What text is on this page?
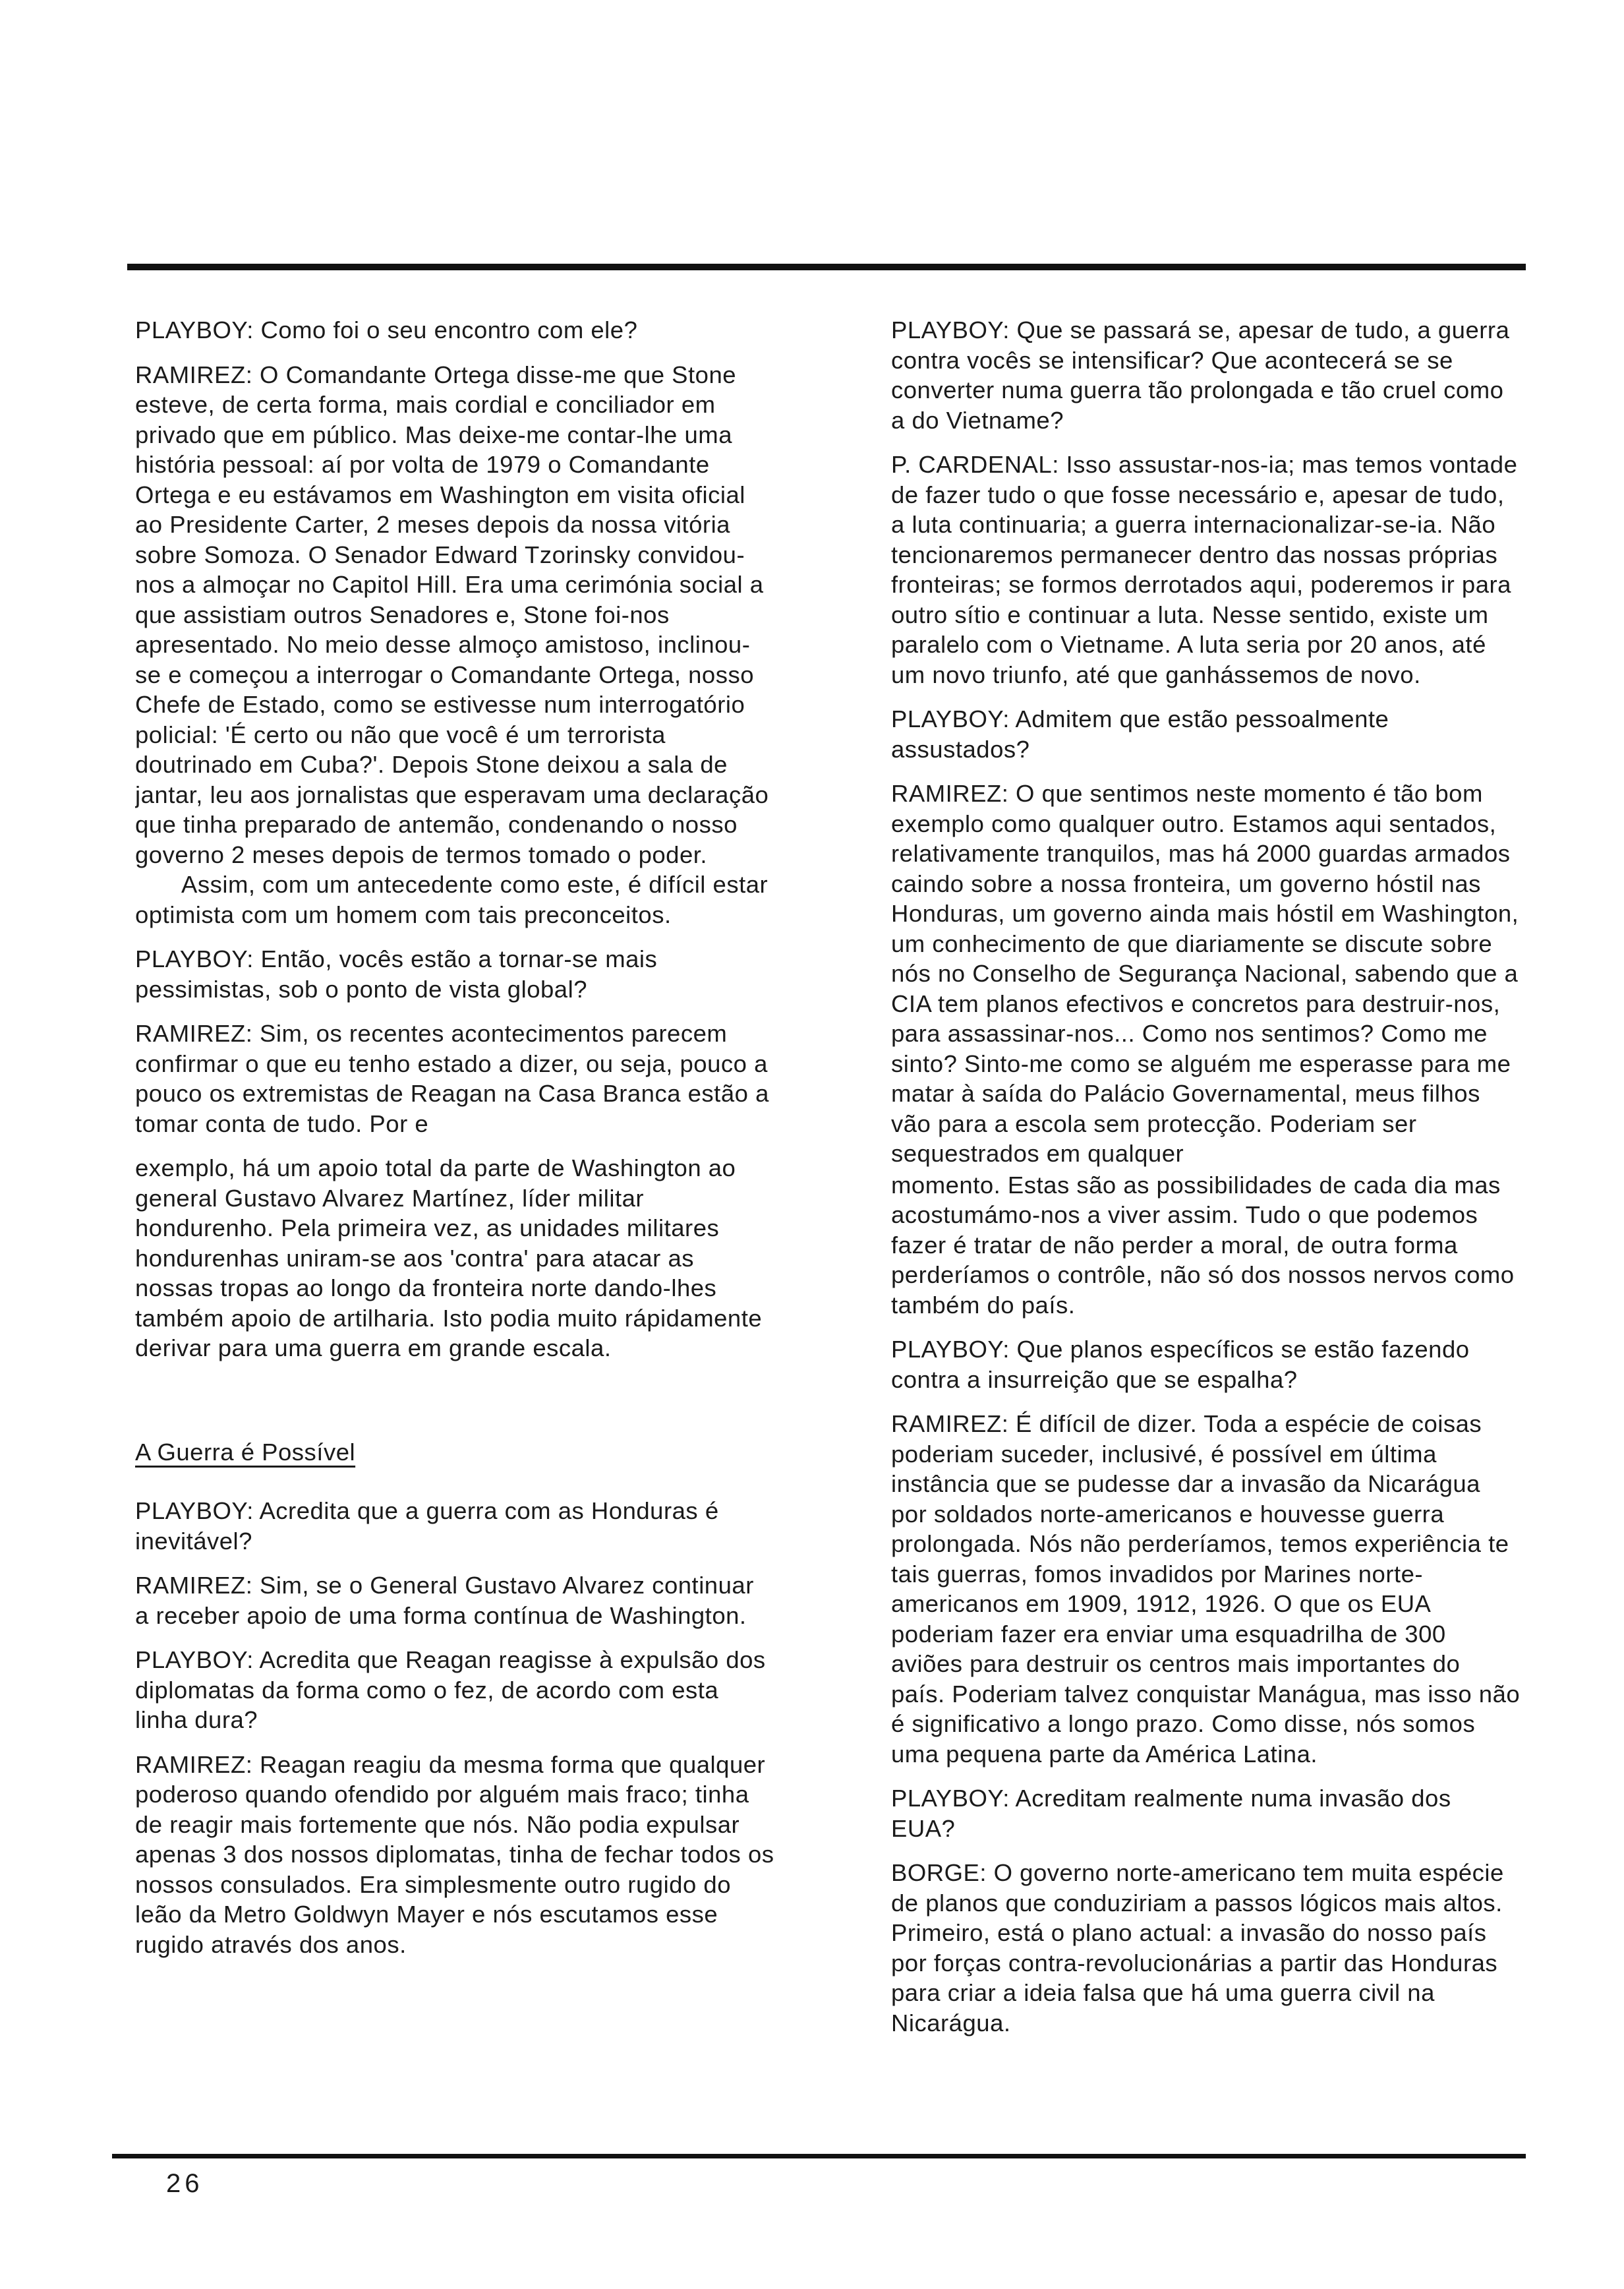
PLAYBOY: Como foi o seu encontro com ele?

RAMIREZ: O Comandante Ortega disse-me que Stone esteve, de certa forma, mais cordial e conciliador em privado que em público. Mas deixe-me contar-lhe uma história pessoal: aí por volta de 1979 o Comandante Ortega e eu estávamos em Washington em visita oficial ao Presidente Carter, 2 meses depois da nossa vitória sobre Somoza. O Senador Edward Tzorinsky convidou-nos a almoçar no Capitol Hill. Era uma cerimónia social a que assistiam outros Senadores e, Stone foi-nos apresentado. No meio desse almoço amistoso, inclinou-se e começou a interrogar o Comandante Ortega, nosso Chefe de Estado, como se estivesse num interrogatório policial: 'É certo ou não que você é um terrorista doutrinado em Cuba?'. Depois Stone deixou a sala de jantar, leu aos jornalistas que esperavam uma declaração que tinha preparado de antemão, condenando o nosso governo 2 meses depois de termos tomado o poder.

Assim, com um antecedente como este, é difícil estar optimista com um homem com tais preconceitos.

PLAYBOY: Então, vocês estão a tornar-se mais pessimistas, sob o ponto de vista global?

RAMIREZ: Sim, os recentes acontecimentos parecem confirmar o que eu tenho estado a dizer, ou seja, pouco a pouco os extremistas de Reagan na Casa Branca estão a tomar conta de tudo. Por e

exemplo, há um apoio total da parte de Washington ao general Gustavo Alvarez Martínez, líder militar hondurenho. Pela primeira vez, as unidades militares hondurenhas uniram-se aos 'contra' para atacar as nossas tropas ao longo da fronteira norte dando-lhes também apoio de artilharia. Isto podia muito rápidamente derivar para uma guerra em grande escala.

A Guerra é Possível

PLAYBOY: Acredita que a guerra com as Honduras é inevitável?

RAMIREZ: Sim, se o General Gustavo Alvarez continuar a receber apoio de uma forma contínua de Washington.

PLAYBOY: Acredita que Reagan reagisse à expulsão dos diplomatas da forma como o fez, de acordo com esta linha dura?

RAMIREZ: Reagan reagiu da mesma forma que qualquer poderoso quando ofendido por alguém mais fraco; tinha de reagir mais fortemente que nós. Não podia expulsar apenas 3 dos nossos diplomatas, tinha de fechar todos os nossos consulados. Era simplesmente outro rugido do leão da Metro Goldwyn Mayer e nós escutamos esse rugido através dos anos.

PLAYBOY: Que se passará se, apesar de tudo, a guerra contra vocês se intensificar? Que acontecerá se se converter numa guerra tão prolongada e tão cruel como a do Vietname?

P. CARDENAL: Isso assustar-nos-ia; mas temos vontade de fazer tudo o que fosse necessário e, apesar de tudo, a luta continuaria; a guerra internacionalizar-se-ia. Não tencionaremos permanecer dentro das nossas próprias fronteiras; se formos derrotados aqui, poderemos ir para outro sítio e continuar a luta. Nesse sentido, existe um paralelo com o Vietname. A luta seria por 20 anos, até um novo triunfo, até que ganhássemos de novo.

PLAYBOY: Admitem que estão pessoalmente assustados?

RAMIREZ: O que sentimos neste momento é tão bom exemplo como qualquer outro. Estamos aqui sentados, relativamente tranquilos, mas há 2000 guardas armados caindo sobre a nossa fronteira, um governo hóstil nas Honduras, um governo ainda mais hóstil em Washington, um conhecimento de que diariamente se discute sobre nós no Conselho de Segurança Nacional, sabendo que a CIA tem planos efectivos e concretos para destruir-nos, para assassinar-nos... Como nos sentimos? Como me sinto? Sinto-me como se alguém me esperasse para me matar à saída do Palácio Governamental, meus filhos vão para a escola sem protecção. Poderiam ser sequestrados em qualquer

momento. Estas são as possibilidades de cada dia mas acostumámo-nos a viver assim. Tudo o que podemos fazer é tratar de não perder a moral, de outra forma perderíamos o contrôle, não só dos nossos nervos como também do país.

PLAYBOY: Que planos específicos se estão fazendo contra a insurreição que se espalha?

RAMIREZ: É difícil de dizer. Toda a espécie de coisas poderiam suceder, inclusivé, é possível em última instância que se pudesse dar a invasão da Nicarágua por soldados norte-americanos e houvesse guerra prolongada. Nós não perderíamos, temos experiência te tais guerras, fomos invadidos por Marines norte-americanos em 1909, 1912, 1926. O que os EUA poderiam fazer era enviar uma esquadrilha de 300 aviões para destruir os centros mais importantes do país. Poderiam talvez conquistar Manágua, mas isso não é significativo a longo prazo. Como disse, nós somos uma pequena parte da América Latina.

PLAYBOY: Acreditam realmente numa invasão dos EUA?

BORGE: O governo norte-americano tem muita espécie de planos que conduziriam a passos lógicos mais altos. Primeiro, está o plano actual: a invasão do nosso país por forças contra-revolucionárias a partir das Honduras para criar a ideia falsa que há uma guerra civil na Nicarágua.

26
